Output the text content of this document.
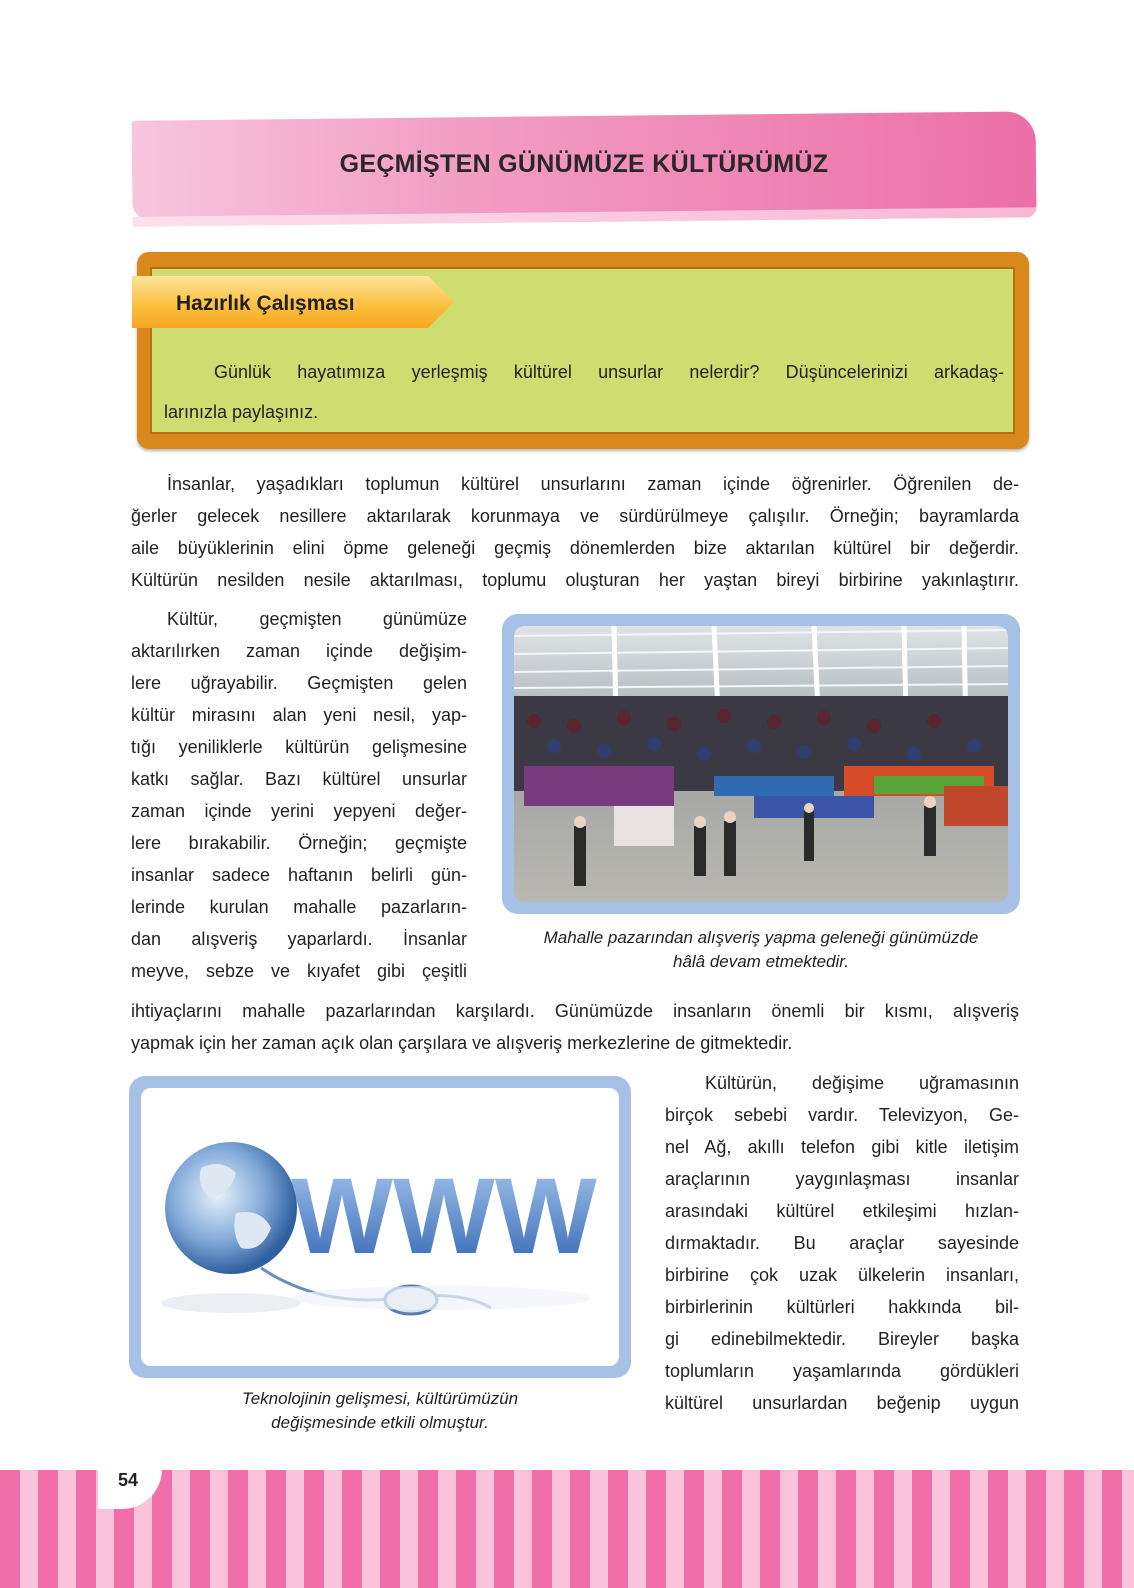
GEÇMİŞTEN GÜNÜMÜZE KÜLTÜRÜMÜZ
Hazırlık Çalışması
Günlük hayatımıza yerleşmiş kültürel unsurlar nelerdir? Düşüncelerinizi arkadaş-
larınızla paylaşınız.
İnsanlar, yaşadıkları toplumun kültürel unsurlarını zaman içinde öğrenirler. Öğrenilen de-
ğerler gelecek nesillere aktarılarak korunmaya ve sürdürülmeye çalışılır. Örneğin; bayramlarda
aile büyüklerinin elini öpme geleneği geçmiş dönemlerden bize aktarılan kültürel bir değerdir.
Kültürün nesilden nesile aktarılması, toplumu oluşturan her yaştan bireyi birbirine yakınlaştırır.
Kültür, geçmişten günümüze
aktarılırken zaman içinde değişim-
lere uğrayabilir. Geçmişten gelen
kültür mirasını alan yeni nesil, yap-
tığı yeniliklerle kültürün gelişmesine
katkı sağlar. Bazı kültürel unsurlar
zaman içinde yerini yepyeni değer-
lere bırakabilir. Örneğin; geçmişte
insanlar sadece haftanın belirli gün-
lerinde kurulan mahalle pazarların-
dan alışveriş yaparlardı. İnsanlar
meyve, sebze ve kıyafet gibi çeşitli
ihtiyaçlarını mahalle pazarlarından karşılardı. Günümüzde insanların önemli bir kısmı, alışveriş
yapmak için her zaman açık olan çarşılara ve alışveriş merkezlerine de gitmektedir.
Mahalle pazarından alışveriş yapma geleneği günümüzde
hâlâ devam etmektedir.
WWW
Teknolojinin gelişmesi, kültürümüzün
değişmesinde etkili olmuştur.
Kültürün, değişime uğramasının
birçok sebebi vardır. Televizyon, Ge-
nel Ağ, akıllı telefon gibi kitle iletişim
araçlarının yaygınlaşması insanlar
arasındaki kültürel etkileşimi hızlan-
dırmaktadır. Bu araçlar sayesinde
birbirine çok uzak ülkelerin insanları,
birbirlerinin kültürleri hakkında bil-
gi edinebilmektedir. Bireyler başka
toplumların yaşamlarında gördükleri
kültürel unsurlardan beğenip uygun
54
